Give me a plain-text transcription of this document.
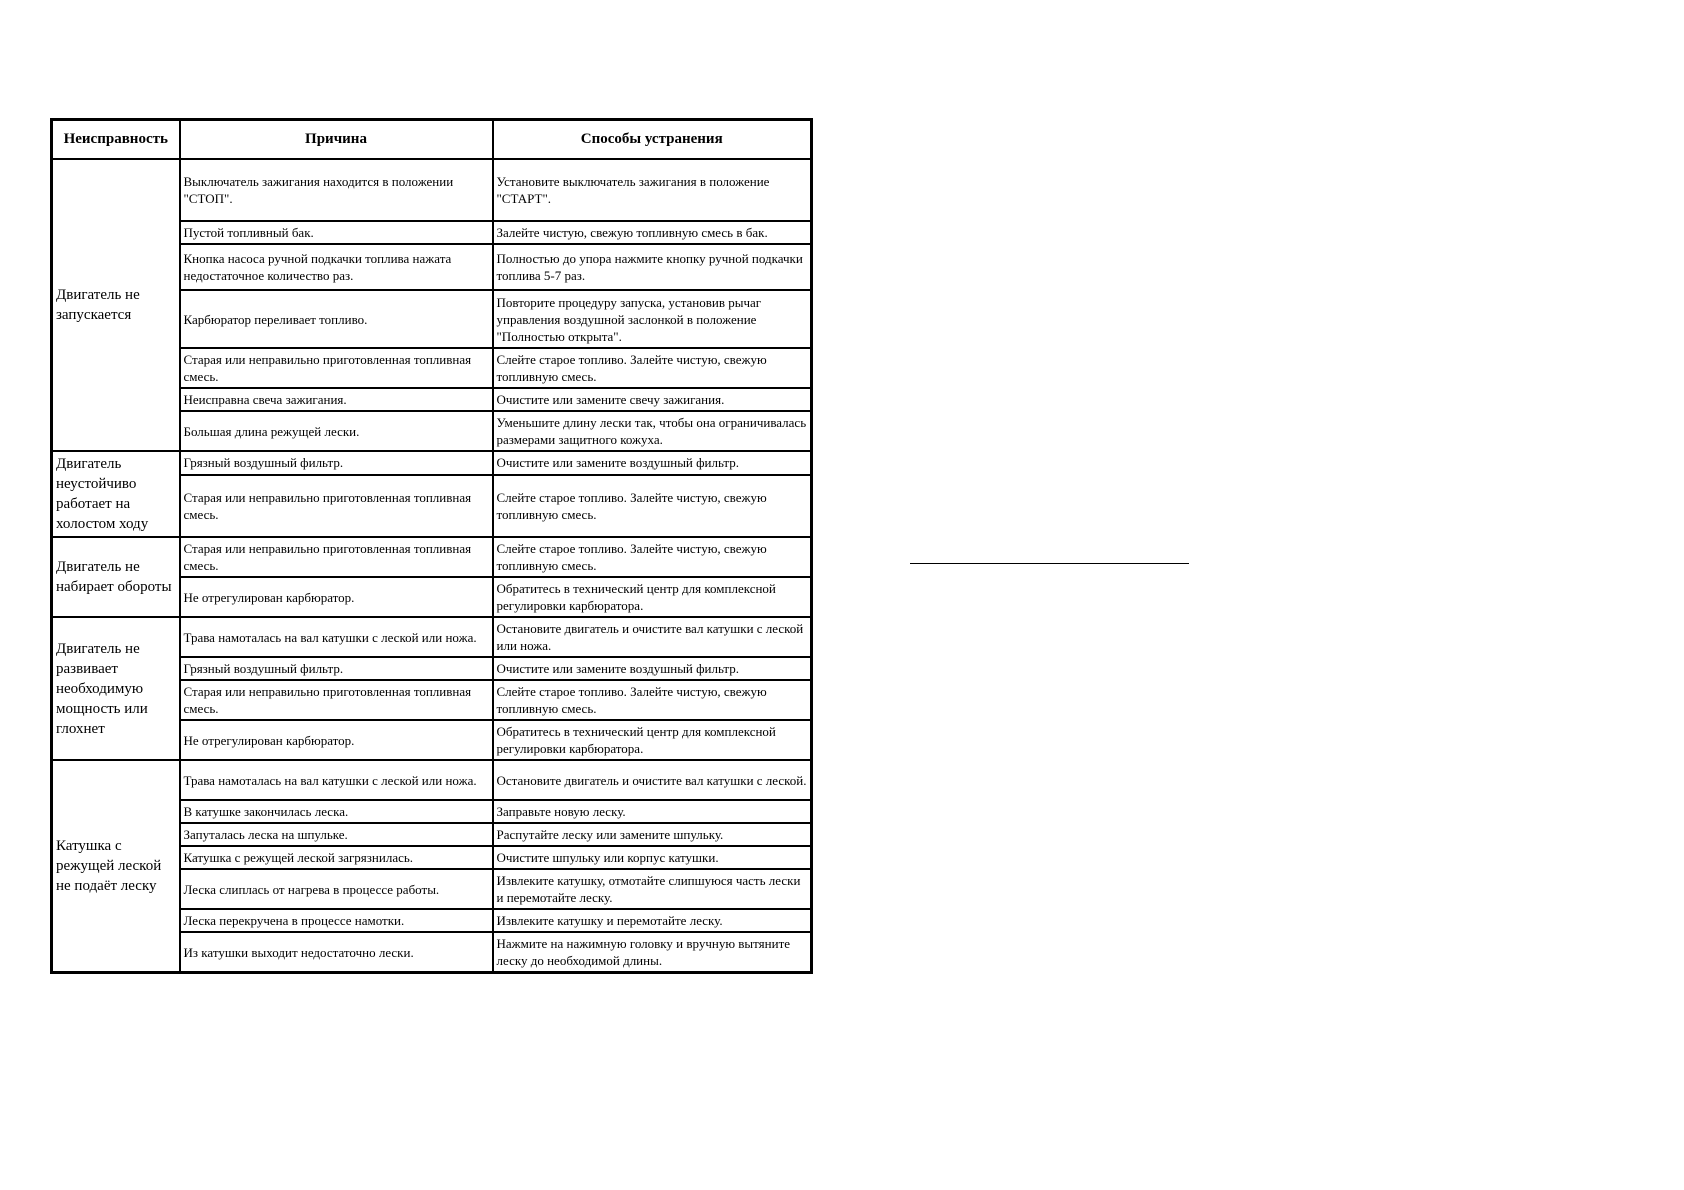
Неисправность	Причина	Способы устранения
Двигатель не запускается	Выключатель зажигания находится в положении "СТОП".	Установите выключатель зажигания в положение "СТАРТ".
	Пустой топливный бак.	Залейте чистую, свежую топливную смесь в бак.
	Кнопка насоса ручной подкачки топлива нажата недостаточное количество раз.	Полностью до упора нажмите кнопку ручной подкачки топлива 5-7 раз.
	Карбюратор переливает топливо.	Повторите процедуру запуска, установив рычаг управления воздушной заслонкой в положение "Полностью открыта".
	Старая или неправильно приготовленная топливная смесь.	Слейте старое топливо. Залейте чистую, свежую топливную смесь.
	Неисправна свеча зажигания.	Очистите или замените свечу зажигания.
	Большая длина режущей лески.	Уменьшите длину лески так, чтобы она ограничивалась размерами защитного кожуха.
Двигатель неустойчиво работает на холостом ходу	Грязный воздушный фильтр.	Очистите или замените воздушный фильтр.
	Старая или неправильно приготовленная топливная смесь.	Слейте старое топливо. Залейте чистую, свежую топливную смесь.
Двигатель не набирает обороты	Старая или неправильно приготовленная топливная смесь.	Слейте старое топливо. Залейте чистую, свежую топливную смесь.
	Не отрегулирован карбюратор.	Обратитесь в технический центр для комплексной регулировки карбюратора.
Двигатель не развивает необходимую мощность или глохнет	Трава намоталась на вал катушки с леской или ножа.	Остановите двигатель и очистите вал катушки с леской или ножа.
	Грязный воздушный фильтр.	Очистите или замените воздушный фильтр.
	Старая или неправильно приготовленная топливная смесь.	Слейте старое топливо. Залейте чистую, свежую топливную смесь.
	Не отрегулирован карбюратор.	Обратитесь в технический центр для комплексной регулировки карбюратора.
Катушка с режущей леской не подаёт леску	Трава намоталась на вал катушки с леской или ножа.	Остановите двигатель и очистите вал катушки с леской.
	В катушке закончилась леска.	Заправьте новую леску.
	Запуталась леска на шпульке.	Распутайте леску или замените шпульку.
	Катушка с режущей леской загрязнилась.	Очистите шпульку или корпус катушки.
	Леска слиплась от нагрева в процессе работы.	Извлеките катушку, отмотайте слипшуюся часть лески и перемотайте леску.
	Леска перекручена в процессе намотки.	Извлеките катушку и перемотайте леску.
	Из катушки выходит недостаточно лески.	Нажмите на нажимную головку и вручную вытяните леску до необходимой длины.
